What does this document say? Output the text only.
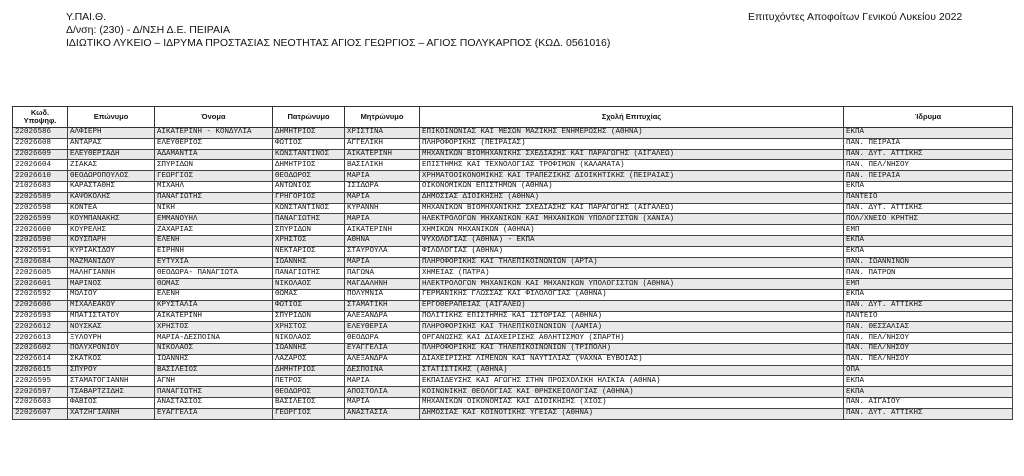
Υ.ΠΑΙ.Θ.
Δ/νση: (230) - Δ/ΝΣΗ Δ.Ε. ΠΕΙΡΑΙΑ
ΙΔΙΩΤΙΚΟ ΛΥΚΕΙΟ – ΙΔΡΥΜΑ ΠΡΟΣΤΑΣΙΑΣ ΝΕΟΤΗΤΑΣ ΑΓΙΟΣ ΓΕΩΡΓΙΟΣ – ΑΓΙΟΣ ΠΟΛΥΚΑΡΠΟΣ (ΚΩΔ. 0561016)
Επιτυχόντες Αποφοίτων Γενικού Λυκείου 2022
Κωδ.
Υποψηφ.	Επώνυμο	Όνομα	Πατρώνυμο	Μητρώνυμο	Σχολή Επιτυχίας	Ίδρυμα
22026586	ΑΛΦΙΕΡΗ	ΑΙΚΑΤΕΡΙΝΗ - ΚΟΝΔΥΛΙΑ	ΔΗΜΗΤΡΙΟΣ	ΧΡΙΣΤΙΝΑ	ΕΠΙΚΟΙΝΩΝΙΑΣ ΚΑΙ ΜΕΣΩΝ ΜΑΖΙΚΗΣ ΕΝΗΜΕΡΩΣΗΣ (ΑΘΗΝΑ)	ΕΚΠΑ
22026608	ΑΝΤΑΡΑΣ	ΕΛΕΥΘΕΡΙΟΣ	ΦΩΤΙΟΣ	ΑΓΓΕΛΙΚΗ	ΠΛΗΡΟΦΟΡΙΚΗΣ (ΠΕΙΡΑΙΑΣ)	ΠΑΝ. ΠΕΙΡΑΙΑ
22026609	ΕΛΕΥΘΕΡΙΑΔΗ	ΑΔΑΜΑΝΤΙΑ	ΚΩΝΣΤΑΝΤΙΝΟΣ	ΑΙΚΑΤΕΡΙΝΗ	ΜΗΧΑΝΙΚΩΝ ΒΙΟΜΗΧΑΝΙΚΗΣ ΣΧΕΔΙΑΣΗΣ ΚΑΙ ΠΑΡΑΓΩΓΗΣ (ΑΙΓΑΛΕΩ)	ΠΑΝ. ΔΥΤ. ΑΤΤΙΚΗΣ
22026604	ΖΙΑΚΑΣ	ΣΠΥΡΙΔΩΝ	ΔΗΜΗΤΡΙΟΣ	ΒΑΣΙΛΙΚΗ	ΕΠΙΣΤΗΜΗΣ ΚΑΙ ΤΕΧΝΟΛΟΓΙΑΣ ΤΡΟΦΙΜΩΝ (ΚΑΛΑΜΑΤΑ)	ΠΑΝ. ΠΕΛ/ΝΗΣΟΥ
22026610	ΘΕΟΔΩΡΟΠΟΥΛΟΣ	ΓΕΩΡΓΙΟΣ	ΘΕΟΔΩΡΟΣ	ΜΑΡΙΑ	ΧΡΗΜΑΤΟΟΙΚΟΝΟΜΙΚΗΣ ΚΑΙ ΤΡΑΠΕΖΙΚΗΣ ΔΙΟΙΚΗΤΙΚΗΣ (ΠΕΙΡΑΙΑΣ)	ΠΑΝ. ΠΕΙΡΑΙΑ
21026683	ΚΑΡΑΣΤΑΘΗΣ	ΜΙΧΑΗΛ	ΑΝΤΩΝΙΟΣ	ΙΣΙΔΩΡΑ	ΟΙΚΟΝΟΜΙΚΩΝ ΕΠΙΣΤΗΜΩΝ (ΑΘΗΝΑ)	ΕΚΠΑ
22026589	ΚΑΨΟΚΟΛΗΣ	ΠΑΝΑΓΙΩΤΗΣ	ΓΡΗΓΟΡΙΟΣ	ΜΑΡΙΑ	ΔΗΜΟΣΙΑΣ ΔΙΟΙΚΗΣΗΣ (ΑΘΗΝΑ)	ΠΑΝΤΕΙΟ
22026598	ΚΟΝΤΕΑ	ΝΙΚΗ	ΚΩΝΣΤΑΝΤΙΝΟΣ	ΚΥΡΑΝΝΗ	ΜΗΧΑΝΙΚΩΝ ΒΙΟΜΗΧΑΝΙΚΗΣ ΣΧΕΔΙΑΣΗΣ ΚΑΙ ΠΑΡΑΓΩΓΗΣ (ΑΙΓΑΛΕΩ)	ΠΑΝ. ΔΥΤ. ΑΤΤΙΚΗΣ
22026599	ΚΟΥΜΠΑΝΑΚΗΣ	ΕΜΜΑΝΟΥΗΛ	ΠΑΝΑΓΙΩΤΗΣ	ΜΑΡΙΑ	ΗΛΕΚΤΡΟΛΟΓΩΝ ΜΗΧΑΝΙΚΩΝ ΚΑΙ ΜΗΧΑΝΙΚΩΝ ΥΠΟΛΟΓΙΣΤΩΝ (ΧΑΝΙΑ)	ΠΟΛ/ΧΝΕΙΟ ΚΡΗΤΗΣ
22026600	ΚΟΥΡΕΛΗΣ	ΖΑΧΑΡΙΑΣ	ΣΠΥΡΙΔΩΝ	ΑΙΚΑΤΕΡΙΝΗ	ΧΗΜΙΚΩΝ ΜΗΧΑΝΙΚΩΝ (ΑΘΗΝΑ)	ΕΜΠ
22026590	ΚΟΥΣΠΑΡΗ	ΕΛΕΝΗ	ΧΡΗΣΤΟΣ	ΑΘΗΝΑ	ΨΥΧΟΛΟΓΙΑΣ (ΑΘΗΝΑ) - ΕΚΠΑ	ΕΚΠΑ
22026591	ΚΥΡΙΑΚΙΔΟΥ	ΕΙΡΗΝΗ	ΝΕΚΤΑΡΙΟΣ	ΣΤΑΥΡΟΥΛΑ	ΦΙΛΟΛΟΓΙΑΣ (ΑΘΗΝΑ)	ΕΚΠΑ
21026684	ΜΑΖΜΑΝΙΔΟΥ	ΕΥΤΥΧΙΑ	ΙΩΑΝΝΗΣ	ΜΑΡΙΑ	ΠΛΗΡΟΦΟΡΙΚΗΣ ΚΑΙ ΤΗΛΕΠΙΚΟΙΝΩΝΙΩΝ (ΑΡΤΑ)	ΠΑΝ. ΙΩΑΝΝΙΝΩΝ
22026605	ΜΑΛΗΓΙΑΝΝΗ	ΘΕΟΔΩΡΑ- ΠΑΝΑΓΙΩΤΑ	ΠΑΝΑΓΙΩΤΗΣ	ΠΑΓΩΝΑ	ΧΗΜΕΙΑΣ (ΠΑΤΡΑ)	ΠΑΝ. ΠΑΤΡΩΝ
22026601	ΜΑΡΙΝΟΣ	ΘΩΜΑΣ	ΝΙΚΟΛΑΟΣ	ΜΑΓΔΑΛΗΝΗ	ΗΛΕΚΤΡΟΛΟΓΩΝ ΜΗΧΑΝΙΚΩΝ ΚΑΙ ΜΗΧΑΝΙΚΩΝ ΥΠΟΛΟΓΙΣΤΩΝ (ΑΘΗΝΑ)	ΕΜΠ
22026592	ΜΩΛΙΟΥ	ΕΛΕΝΗ	ΘΩΜΑΣ	ΠΟΛΥΜΝΙΑ	ΓΕΡΜΑΝΙΚΗΣ ΓΛΩΣΣΑΣ ΚΑΙ ΦΙΛΟΛΟΓΙΑΣ (ΑΘΗΝΑ)	ΕΚΠΑ
22026606	ΜΙΧΑΛΕΑΚΟΥ	ΚΡΥΣΤΑΛΙΑ	ΦΩΤΙΟΣ	ΣΤΑΜΑΤΙΚΗ	ΕΡΓΟΘΕΡΑΠΕΙΑΣ (ΑΙΓΑΛΕΩ)	ΠΑΝ. ΔΥΤ. ΑΤΤΙΚΗΣ
22026593	ΜΠΑΤΙΣΤΑΤΟΥ	ΑΙΚΑΤΕΡΙΝΗ	ΣΠΥΡΙΔΩΝ	ΑΛΕΞΑΝΔΡΑ	ΠΟΛΙΤΙΚΗΣ ΕΠΙΣΤΗΜΗΣ ΚΑΙ ΙΣΤΟΡΙΑΣ (ΑΘΗΝΑ)	ΠΑΝΤΕΙΟ
22026612	ΝΟΥΣΚΑΣ	ΧΡΗΣΤΟΣ	ΧΡΗΣΤΟΣ	ΕΛΕΥΘΕΡΙΑ	ΠΛΗΡΟΦΟΡΙΚΗΣ ΚΑΙ ΤΗΛΕΠΙΚΟΙΝΩΝΙΩΝ (ΛΑΜΙΑ)	ΠΑΝ. ΘΕΣΣΑΛΙΑΣ
22026613	ΞΥΛΟΥΡΗ	ΜΑΡΙΑ-ΔΕΣΠΟΙΝΑ	ΝΙΚΟΛΑΟΣ	ΘΕΟΔΩΡΑ	ΟΡΓΑΝΩΣΗΣ ΚΑΙ ΔΙΑΧΕΙΡΙΣΗΣ ΑΘΛΗΤΙΣΜΟΥ (ΣΠΑΡΤΗ)	ΠΑΝ. ΠΕΛ/ΝΗΣΟΥ
22026602	ΠΟΛΥΧΡΟΝΙΟΥ	ΝΙΚΟΛΑΟΣ	ΙΩΑΝΝΗΣ	ΕΥΑΓΓΕΛΙΑ	ΠΛΗΡΟΦΟΡΙΚΗΣ ΚΑΙ ΤΗΛΕΠΙΚΟΙΝΩΝΙΩΝ (ΤΡΙΠΟΛΗ)	ΠΑΝ. ΠΕΛ/ΝΗΣΟΥ
22026614	ΣΚΑΤΚΟΣ	ΙΩΑΝΝΗΣ	ΛΑΖΑΡΟΣ	ΑΛΕΞΑΝΔΡΑ	ΔΙΑΧΕΙΡΙΣΗΣ ΛΙΜΕΝΩΝ ΚΑΙ ΝΑΥΤΙΛΙΑΣ (ΨΑΧΝΑ ΕΥΒΟΙΑΣ)	ΠΑΝ. ΠΕΛ/ΝΗΣΟΥ
22026615	ΣΠΥΡΟΥ	ΒΑΣΙΛΕΙΟΣ	ΔΗΜΗΤΡΙΟΣ	ΔΕΣΠΟΙΝΑ	ΣΤΑΤΙΣΤΙΚΗΣ (ΑΘΗΝΑ)	ΟΠΑ
22026595	ΣΤΑΜΑΤΟΓΙΑΝΝΗ	ΑΓΝΗ	ΠΕΤΡΟΣ	ΜΑΡΙΑ	ΕΚΠΑΙΔΕΥΣΗΣ ΚΑΙ ΑΓΩΓΗΣ ΣΤΗΝ ΠΡΟΣΧΟΛΙΚΗ ΗΛΙΚΙΑ (ΑΘΗΝΑ)	ΕΚΠΑ
22026597	ΤΣΑΒΑΡΤΖΙΔΗΣ	ΠΑΝΑΓΙΩΤΗΣ	ΘΕΟΔΩΡΟΣ	ΑΠΟΣΤΟΛΙΑ	ΚΟΙΝΩΝΙΚΗΣ ΘΕΟΛΟΓΙΑΣ ΚΑΙ ΘΡΗΣΚΕΙΟΛΟΓΙΑΣ (ΑΘΗΝΑ)	ΕΚΠΑ
22026603	ΦΑΒΙΟΣ	ΑΝΑΣΤΑΣΙΟΣ	ΒΑΣΙΛΕΙΟΣ	ΜΑΡΙΑ	ΜΗΧΑΝΙΚΩΝ ΟΙΚΟΝΟΜΙΑΣ ΚΑΙ ΔΙΟΙΚΗΣΗΣ (ΧΙΟΣ)	ΠΑΝ. ΑΙΓΑΙΟΥ
22026607	ΧΑΤΖΗΓΙΑΝΝΗ	ΕΥΑΓΓΕΛΙΑ	ΓΕΩΡΓΙΟΣ	ΑΝΑΣΤΑΣΙΑ	ΔΗΜΟΣΙΑΣ ΚΑΙ ΚΟΙΝΟΤΙΚΗΣ ΥΓΕΙΑΣ (ΑΘΗΝΑ)	ΠΑΝ. ΔΥΤ. ΑΤΤΙΚΗΣ
